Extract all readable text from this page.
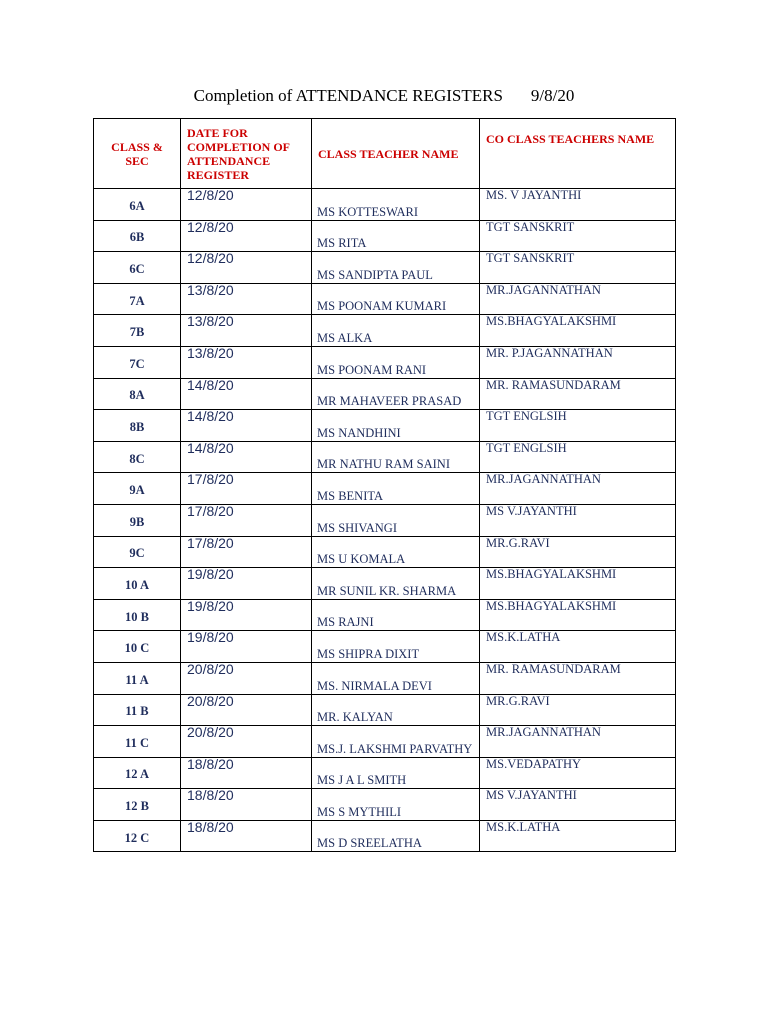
Completion of ATTENDANCE REGISTERS 9/8/20
CLASS & SEC	DATE FOR COMPLETION OF ATTENDANCE REGISTER	CLASS TEACHER NAME	CO CLASS TEACHERS NAME

6A	12/8/20	MS KOTTESWARI	MS. V JAYANTHI
6B	12/8/20	MS RITA	TGT SANSKRIT
6C	12/8/20	MS SANDIPTA PAUL	TGT SANSKRIT
7A	13/8/20	MS POONAM KUMARI	MR.JAGANNATHAN
7B	13/8/20	MS ALKA	MS.BHAGYALAKSHMI
7C	13/8/20	MS POONAM RANI	MR. P.JAGANNATHAN
8A	14/8/20	MR MAHAVEER PRASAD	MR. RAMASUNDARAM
8B	14/8/20	MS NANDHINI	TGT ENGLSIH
8C	14/8/20	MR NATHU RAM SAINI	TGT ENGLSIH
9A	17/8/20	MS BENITA	MR.JAGANNATHAN
9B	17/8/20	MS SHIVANGI	MS V.JAYANTHI
9C	17/8/20	MS U KOMALA	MR.G.RAVI
10 A	19/8/20	MR SUNIL KR. SHARMA	MS.BHAGYALAKSHMI
10 B	19/8/20	MS RAJNI	MS.BHAGYALAKSHMI
10 C	19/8/20	MS SHIPRA DIXIT	MS.K.LATHA
11 A	20/8/20	MS. NIRMALA DEVI	MR. RAMASUNDARAM
11 B	20/8/20	MR. KALYAN	MR.G.RAVI
11 C	20/8/20	MS.J. LAKSHMI PARVATHY	MR.JAGANNATHAN
12 A	18/8/20	MS J A L SMITH	MS.VEDAPATHY
12 B	18/8/20	MS S MYTHILI	MS V.JAYANTHI
12 C	18/8/20	MS D SREELATHA	MS.K.LATHA
